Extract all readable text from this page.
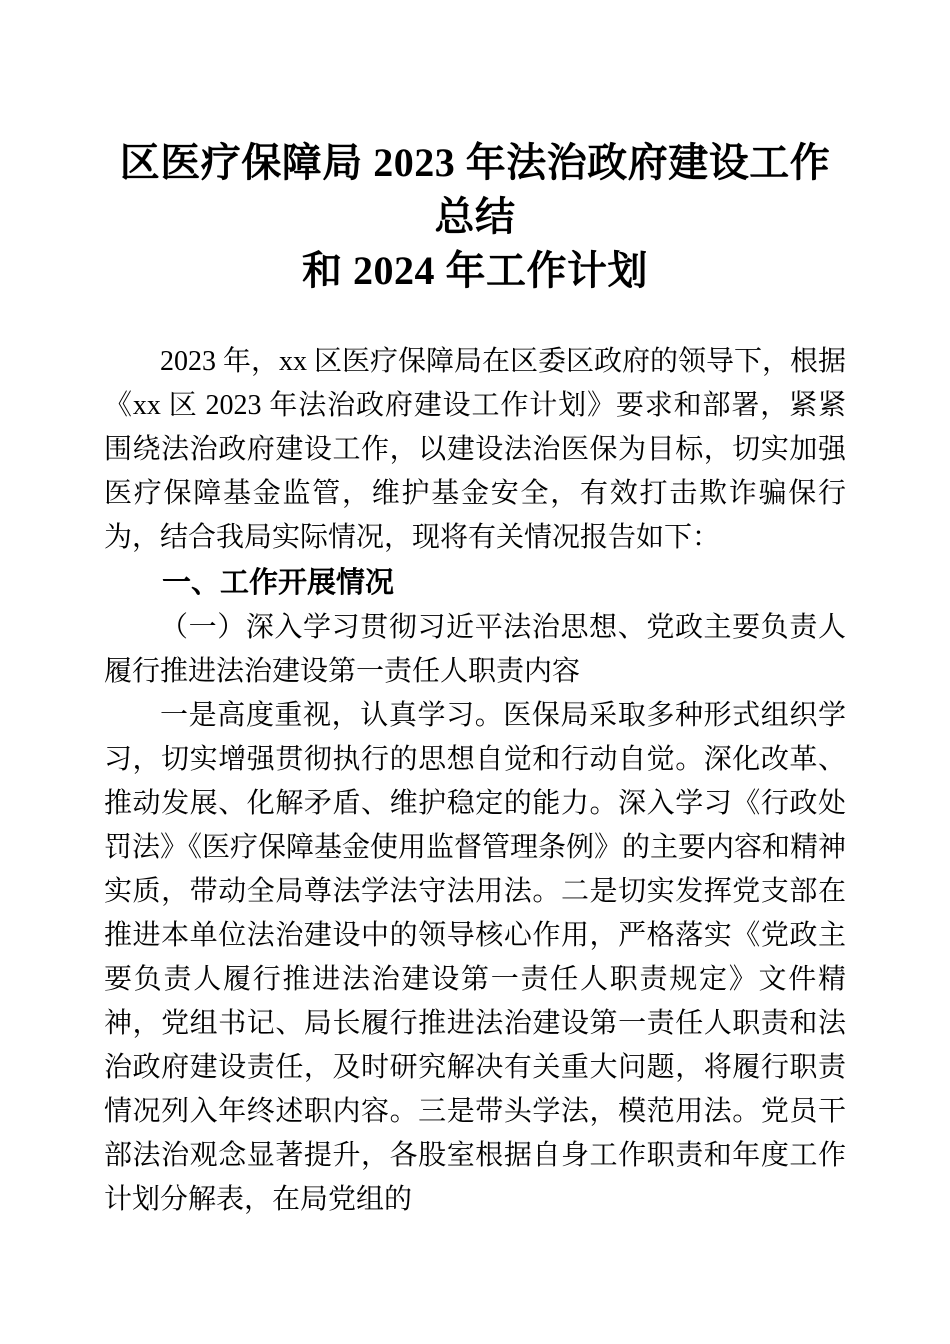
区医疗保障局 2023 年法治政府建设工作总结
和 2024 年工作计划

2023 年，xx 区医疗保障局在区委区政府的领导下，根据《xx 区 2023 年法治政府建设工作计划》要求和部署，紧紧围绕法治政府建设工作，以建设法治医保为目标，切实加强医疗保障基金监管，维护基金安全，有效打击欺诈骗保行为，结合我局实际情况，现将有关情况报告如下：

一、工作开展情况
（一）深入学习贯彻习近平法治思想、党政主要负责人履行推进法治建设第一责任人职责内容

一是高度重视，认真学习。医保局采取多种形式组织学习，切实增强贯彻执行的思想自觉和行动自觉。深化改革、推动发展、化解矛盾、维护稳定的能力。深入学习《行政处罚法》《医疗保障基金使用监督管理条例》的主要内容和精神实质，带动全局尊法学法守法用法。二是切实发挥党支部在推进本单位法治建设中的领导核心作用，严格落实《党政主要负责人履行推进法治建设第一责任人职责规定》文件精神，党组书记、局长履行推进法治建设第一责任人职责和法治政府建设责任，及时研究解决有关重大问题，将履行职责情况列入年终述职内容。三是带头学法，模范用法。党员干部法治观念显著提升，各股室根据自身工作职责和年度工作计划分解表，在局党组的
